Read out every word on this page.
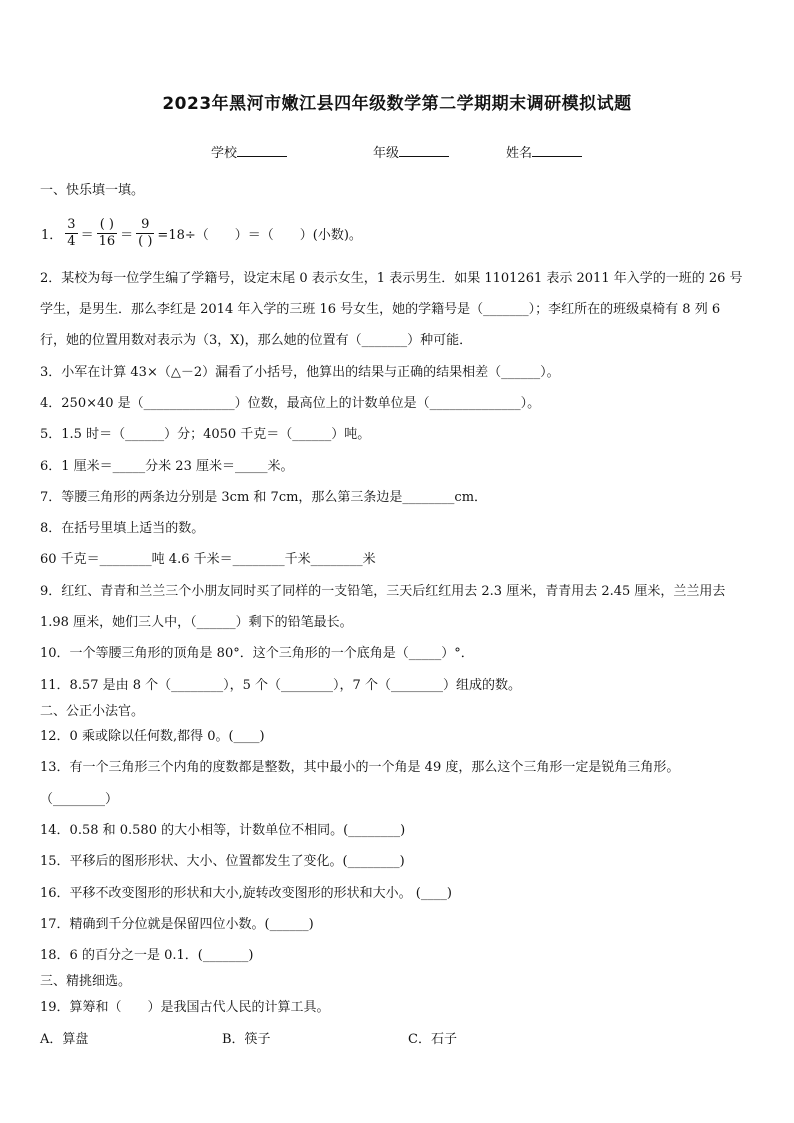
2023年黑河市嫩江县四年级数学第二学期期末调研模拟试题
学校	年级	姓名
一、快乐填一填。
1． $\frac{3}{4} = \frac{( )}{16} = \frac{9}{( )} =18\div$（　　）＝（　　）(小数)。
2．某校为每一位学生编了学籍号，设定末尾 0 表示女生，1 表示男生．如果 1101261 表示 2011 年入学的一班的 26 号
学生，是男生．那么李红是 2014 年入学的三班 16 号女生，她的学籍号是（_______）；李红所在的班级桌椅有 8 列 6
行，她的位置用数对表示为（3，X)，那么她的位置有（_______）种可能．
3．小军在计算 43×（△－2）漏看了小括号，他算出的结果与正确的结果相差（______）。
4．250×40 是（______________）位数，最高位上的计数单位是（______________）。
5．1.5 时＝（______）分；4050 千克＝（______）吨。
6．1 厘米＝_____分米 23 厘米＝_____米。
7．等腰三角形的两条边分别是 3cm 和 7cm，那么第三条边是________cm．
8．在括号里填上适当的数。
60 千克＝________吨 4.6 千米＝________千米________米
9．红红、青青和兰兰三个小朋友同时买了同样的一支铅笔，三天后红红用去 2.3 厘米，青青用去 2.45 厘米，兰兰用去
1.98 厘米，她们三人中，（______）剩下的铅笔最长。
10．一个等腰三角形的顶角是 80°．这个三角形的一个底角是（_____）°．
11．8.57 是由 8 个（________），5 个（________），7 个（________）组成的数。
二、公正小法官。
12．0 乘或除以任何数,都得 0。(____)
13．有一个三角形三个内角的度数都是整数，其中最小的一个角是 49 度，那么这个三角形一定是锐角三角形。
（________）
14．0.58 和 0.580 的大小相等，计数单位不相同。(________)
15．平移后的图形形状、大小、位置都发生了变化。(________)
16．平移不改变图形的形状和大小,旋转改变图形的形状和大小。 (____)
17．精确到千分位就是保留四位小数。(______)
18．6 的百分之一是 0.1．(_______)
三、精挑细选。
19．算筹和（　　）是我国古代人民的计算工具。
A．算盘	B．筷子	C．石子
